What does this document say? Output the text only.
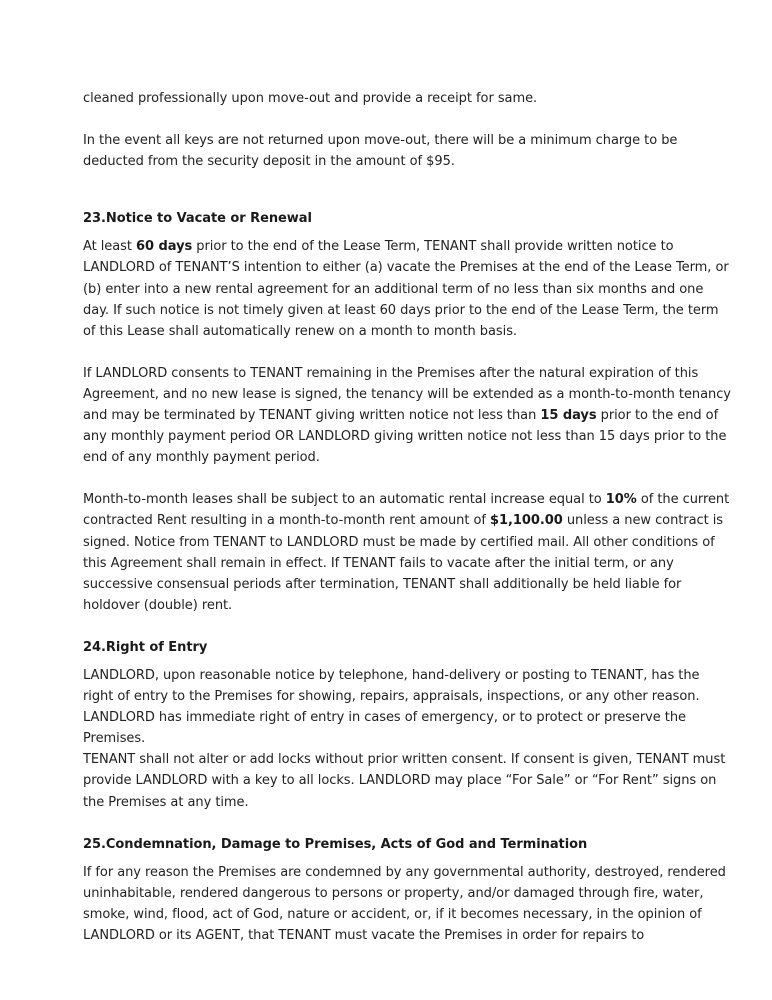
cleaned professionally upon move-out and provide a receipt for same.

In the event all keys are not returned upon move-out, there will be a minimum charge to be deducted from the security deposit in the amount of $95.

23.Notice to Vacate or Renewal

At least 60 days prior to the end of the Lease Term, TENANT shall provide written notice to LANDLORD of TENANT’S intention to either (a) vacate the Premises at the end of the Lease Term, or (b) enter into a new rental agreement for an additional term of no less than six months and one day. If such notice is not timely given at least 60 days prior to the end of the Lease Term, the term of this Lease shall automatically renew on a month to month basis.

If LANDLORD consents to TENANT remaining in the Premises after the natural expiration of this Agreement, and no new lease is signed, the tenancy will be extended as a month-to-month tenancy and may be terminated by TENANT giving written notice not less than 15 days prior to the end of any monthly payment period OR LANDLORD giving written notice not less than 15 days prior to the end of any monthly payment period.

Month-to-month leases shall be subject to an automatic rental increase equal to 10% of the current contracted Rent resulting in a month-to-month rent amount of $1,100.00 unless a new contract is signed. Notice from TENANT to LANDLORD must be made by certified mail. All other conditions of this Agreement shall remain in effect. If TENANT fails to vacate after the initial term, or any successive consensual periods after termination, TENANT shall additionally be held liable for holdover (double) rent.

24.Right of Entry

LANDLORD, upon reasonable notice by telephone, hand-delivery or posting to TENANT, has the right of entry to the Premises for showing, repairs, appraisals, inspections, or any other reason. LANDLORD has immediate right of entry in cases of emergency, or to protect or preserve the Premises.

TENANT shall not alter or add locks without prior written consent. If consent is given, TENANT must provide LANDLORD with a key to all locks. LANDLORD may place “For Sale” or “For Rent” signs on the Premises at any time.

25.Condemnation, Damage to Premises, Acts of God and Termination

If for any reason the Premises are condemned by any governmental authority, destroyed, rendered uninhabitable, rendered dangerous to persons or property, and/or damaged through fire, water, smoke, wind, flood, act of God, nature or accident, or, if it becomes necessary, in the opinion of LANDLORD or its AGENT, that TENANT must vacate the Premises in order for repairs to
